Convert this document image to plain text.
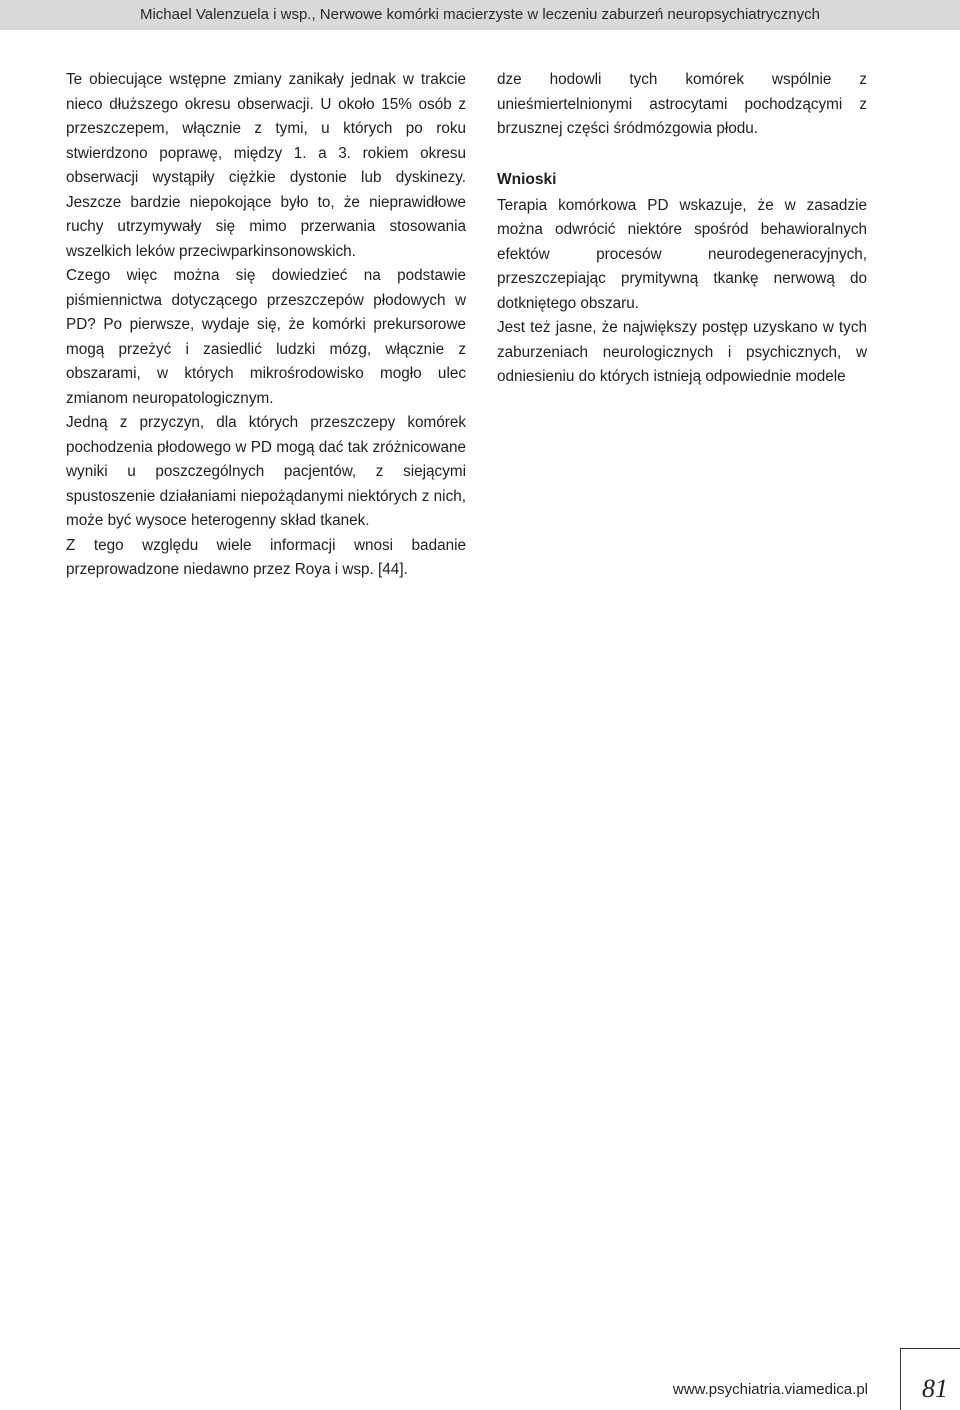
Michael Valenzuela i wsp., Nerwowe komórki macierzyste w leczeniu zaburzeń neuropsychiatrycznych

Te obiecujące wstępne zmiany zanikały jednak w trakcie nieco dłuższego okresu obserwacji. U około 15% osób z przeszczepem, włącznie z tymi, u których po roku stwierdzono poprawę, między 1. a 3. rokiem okresu obserwacji wystąpiły ciężkie dystonie lub dyskinezy. Jeszcze bardzie niepokojące było to, że nieprawidłowe ruchy utrzymywały się mimo przerwania stosowania wszelkich leków przeciwparkinsonowskich.

Czego więc można się dowiedzieć na podstawie piśmiennictwa dotyczącego przeszczepów płodowych w PD? Po pierwsze, wydaje się, że komórki prekursorowe mogą przeżyć i zasiedlić ludzki mózg, włącznie z obszarami, w których mikrośrodowisko mogło ulec zmianom neuropatologicznym.

Jedną z przyczyn, dla których przeszczepy komórek pochodzenia płodowego w PD mogą dać tak zróżnicowane wyniki u poszczególnych pacjentów, z siejącymi spustoszenie działaniami niepożądanymi niektórych z nich, może być wysoce heterogenny skład tkanek.

Z tego względu wiele informacji wnosi badanie przeprowadzone niedawno przez Roya i wsp. [44].

dze hodowli tych komórek wspólnie z unieśmiertelnionymi astrocytami pochodzącymi z brzusznej części śródmózgowia płodu.

Wnioski

Terapia komórkowa PD wskazuje, że w zasadzie można odwrócić niektóre spośród behawioralnych efektów procesów neurodegeneracyjnych, przeszczepiając prymitywną tkankę nerwową do dotkniętego obszaru.

Jest też jasne, że największy postęp uzyskano w tych zaburzeniach neurologicznych i psychicznych, w odniesieniu do których istnieją odpowiednie modele

www.psychiatria.viamedica.pl	81
